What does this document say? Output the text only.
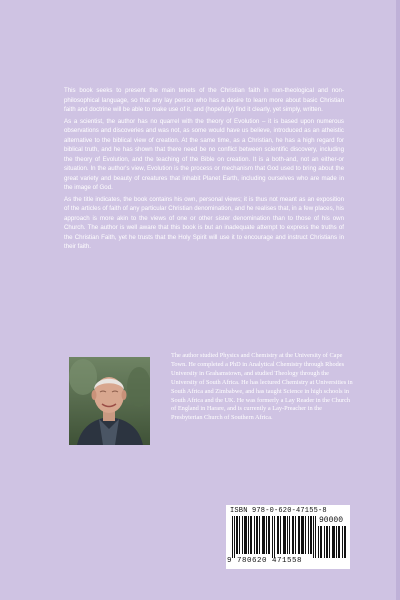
This book seeks to present the main tenets of the Christian faith in non-theological and non-philosophical language, so that any lay person who has a desire to learn more about basic Christian faith and doctrine will be able to make use of it, and (hopefully) find it clearly, yet simply, written.

As a scientist, the author has no quarrel with the theory of Evolution – it is based upon numerous observations and discoveries and was not, as some would have us believe, introduced as an atheistic alternative to the biblical view of creation. At the same time, as a Christian, he has a high regard for biblical truth, and he has shown that there need be no conflict between scientific discovery, including the theory of Evolution, and the teaching of the Bible on creation. It is a both-and, not an either-or situation. In the author's view, Evolution is the process or mechanism that God used to bring about the great variety and beauty of creatures that inhabit Planet Earth, including ourselves who are made in the image of God.

As the title indicates, the book contains his own, personal views; it is thus not meant as an exposition of the articles of faith of any particular Christian denomination, and he realises that, in a few places, his approach is more akin to the views of one or other sister denomination than to those of his own Church. The author is well aware that this book is but an inadequate attempt to express the truths of the Christian Faith, yet he trusts that the Holy Spirit will use it to encourage and instruct Christians in their faith.

The author studied Physics and Chemistry at the University of Cape Town. He completed a PhD in Analytical Chemistry through Rhodes University in Grahamstown, and studied Theology through the University of South Africa. He has lectured Chemistry at Universities in South Africa and Zimbabwe, and has taught Science in high schools in South Africa and the UK. He was formerly a Lay Reader in the Church of England in Harare, and is currently a Lay-Preacher in the Presbyterian Church of Southern Africa.
ISBN 978-0-620-47155-8
90000
9 780620 471558
